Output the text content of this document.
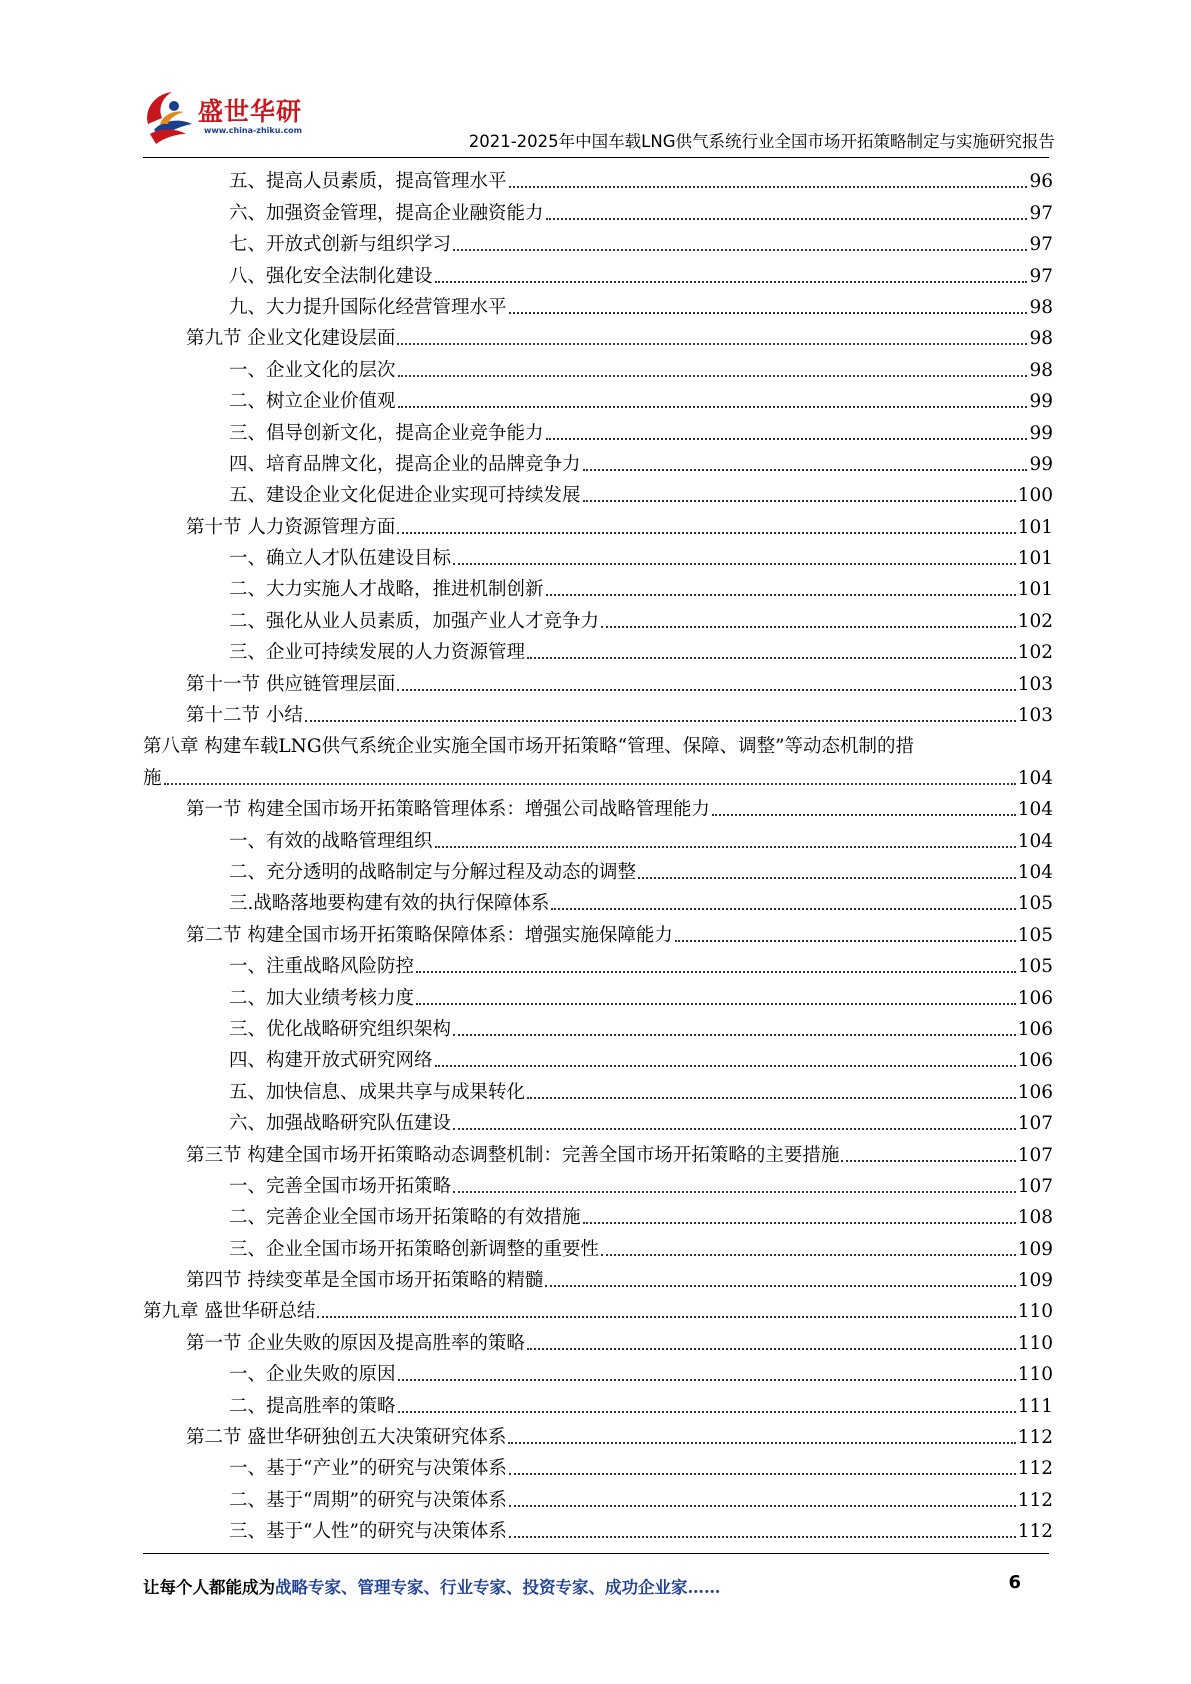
盛世华研
www.china-zhiku.com
2021-2025年中国车载LNG供气系统行业全国市场开拓策略制定与实施研究报告
五、提高人员素质，提高管理水平	96
六、加强资金管理，提高企业融资能力	97
七、开放式创新与组织学习	97
八、强化安全法制化建设	97
九、大力提升国际化经营管理水平	98
第九节 企业文化建设层面	98
一、企业文化的层次	98
二、树立企业价值观	99
三、倡导创新文化，提高企业竞争能力	99
四、培育品牌文化，提高企业的品牌竞争力	99
五、建设企业文化促进企业实现可持续发展	100
第十节 人力资源管理方面	101
一、确立人才队伍建设目标	101
二、大力实施人才战略，推进机制创新	101
二、强化从业人员素质，加强产业人才竞争力	102
三、企业可持续发展的人力资源管理	102
第十一节 供应链管理层面	103
第十二节 小结	103
第八章 构建车载LNG供气系统企业实施全国市场开拓策略“管理、保障、调整”等动态机制的措
施	104
第一节 构建全国市场开拓策略管理体系：增强公司战略管理能力	104
一、有效的战略管理组织	104
二、充分透明的战略制定与分解过程及动态的调整	104
三.战略落地要构建有效的执行保障体系	105
第二节 构建全国市场开拓策略保障体系：增强实施保障能力	105
一、注重战略风险防控	105
二、加大业绩考核力度	106
三、优化战略研究组织架构	106
四、构建开放式研究网络	106
五、加快信息、成果共享与成果转化	106
六、加强战略研究队伍建设	107
第三节 构建全国市场开拓策略动态调整机制：完善全国市场开拓策略的主要措施	107
一、完善全国市场开拓策略	107
二、完善企业全国市场开拓策略的有效措施	108
三、企业全国市场开拓策略创新调整的重要性	109
第四节 持续变革是全国市场开拓策略的精髓	109
第九章 盛世华研总结	110
第一节 企业失败的原因及提高胜率的策略	110
一、企业失败的原因	110
二、提高胜率的策略	111
第二节 盛世华研独创五大决策研究体系	112
一、基于“产业”的研究与决策体系	112
二、基于“周期”的研究与决策体系	112
三、基于“人性”的研究与决策体系	112
让每个人都能成为战略专家、管理专家、行业专家、投资专家、成功企业家……	6
